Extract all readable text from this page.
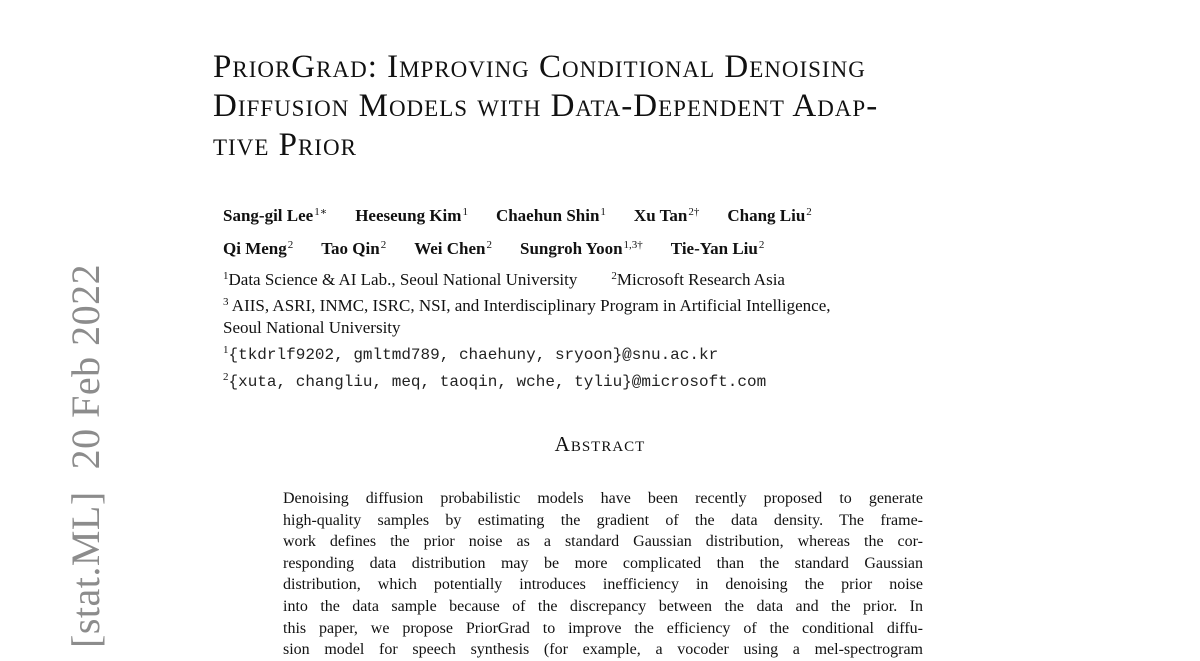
[stat.ML]20 Feb 2022
PriorGrad: Improving Conditional Denoising
Diffusion Models with Data-Dependent Adap-
tive Prior
Sang-gil Lee$^{1∗}$ Heeseung Kim$^1$ Chaehun Shin$^1$ Xu Tan$^{2\dagger}$ Chang Liu$^2$
Qi Meng$^2$ Tao Qin$^2$ Wei Chen$^2$ Sungroh Yoon$^{1,3\dagger}$ Tie-Yan Liu$^2$
$^1$Data Science & AI Lab., Seoul National University	$^2$Microsoft Research Asia
$^3$ AIIS, ASRI, INMC, ISRC, NSI, and Interdisciplinary Program in Artificial Intelligence,
Seoul National University
$^1${tkdrlf9202, gmltmd789, chaehuny, sryoon}@snu.ac.kr
$^2${xuta, changliu, meq, taoqin, wche, tyliu}@microsoft.com
Abstract
Denoising diffusion probabilistic models have been recently proposed to generate
high-quality samples by estimating the gradient of the data density. The frame-
work defines the prior noise as a standard Gaussian distribution, whereas the cor-
responding data distribution may be more complicated than the standard Gaussian
distribution, which potentially introduces inefficiency in denoising the prior noise
into the data sample because of the discrepancy between the data and the prior. In
this paper, we propose PriorGrad to improve the efficiency of the conditional diffu-
sion model for speech synthesis (for example, a vocoder using a mel-spectrogram
